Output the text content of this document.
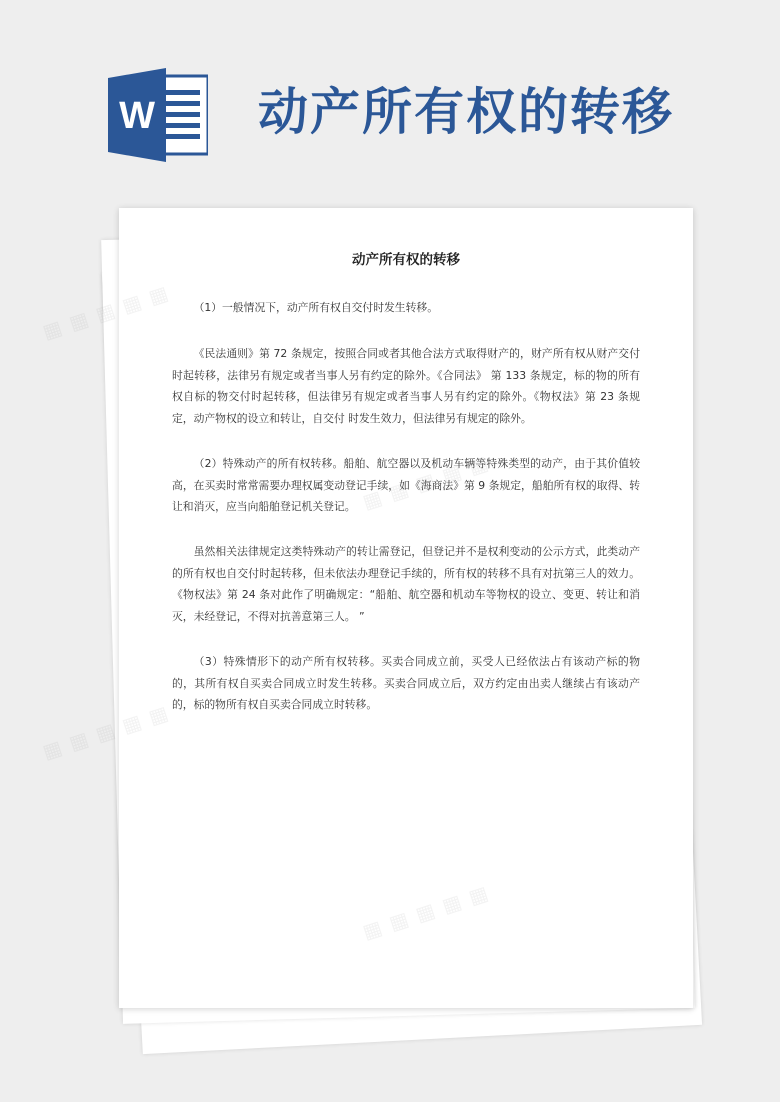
W 动产所有权的转移
动产所有权的转移

（1）一般情况下，动产所有权自交付时发生转移。

《民法通则》第 72 条规定，按照合同或者其他合法方式取得财产的，财产所有权从财产交付时起转移，法律另有规定或者当事人另有约定的除外。《合同法》 第 133 条规定，标的物的所有权自标的物交付时起转移，但法律另有规定或者当事人另有约定的除外。《物权法》第 23 条规定，动产物权的设立和转让，自交付 时发生效力，但法律另有规定的除外。

（2）特殊动产的所有权转移。船舶、航空器以及机动车辆等特殊类型的动产，由于其价值较高，在买卖时常常需要办理权属变动登记手续，如《海商法》第 9 条规定，船舶所有权的取得、转让和消灭，应当向船舶登记机关登记。

虽然相关法律规定这类特殊动产的转让需登记，但登记并不是权利变动的公示方式，此类动产的所有权也自交付时起转移，但未依法办理登记手续的，所有权的转移不具有对抗第三人的效力。《物权法》第 24 条对此作了明确规定：“船舶、航空器和机动车等物权的设立、变更、转让和消灭，未经登记，不得对抗善意第三人。 ”

（3）特殊情形下的动产所有权转移。买卖合同成立前，买受人已经依法占有该动产标的物的，其所有权自买卖合同成立时发生转移。买卖合同成立后，双方约定由出卖人继续占有该动产的，标的物所有权自买卖合同成立时转移。

▦ ▦
▦ ▦ ▦ ▦ ▦
